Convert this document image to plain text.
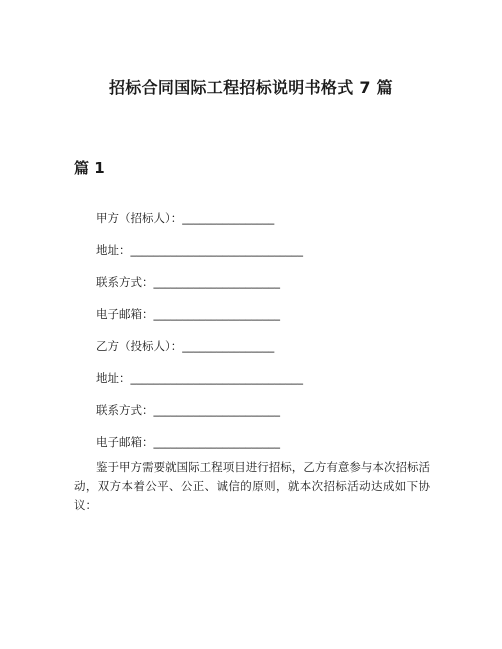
招标合同国际工程招标说明书格式 7 篇
篇 1
甲方（招标人）：________________
地址：______________________________
联系方式：______________________
电子邮箱：______________________
乙方（投标人）：________________
地址：______________________________
联系方式：______________________
电子邮箱：______________________
鉴于甲方需要就国际工程项目进行招标，乙方有意参与本次招标活动，双方本着公平、公正、诚信的原则，就本次招标活动达成如下协议：
